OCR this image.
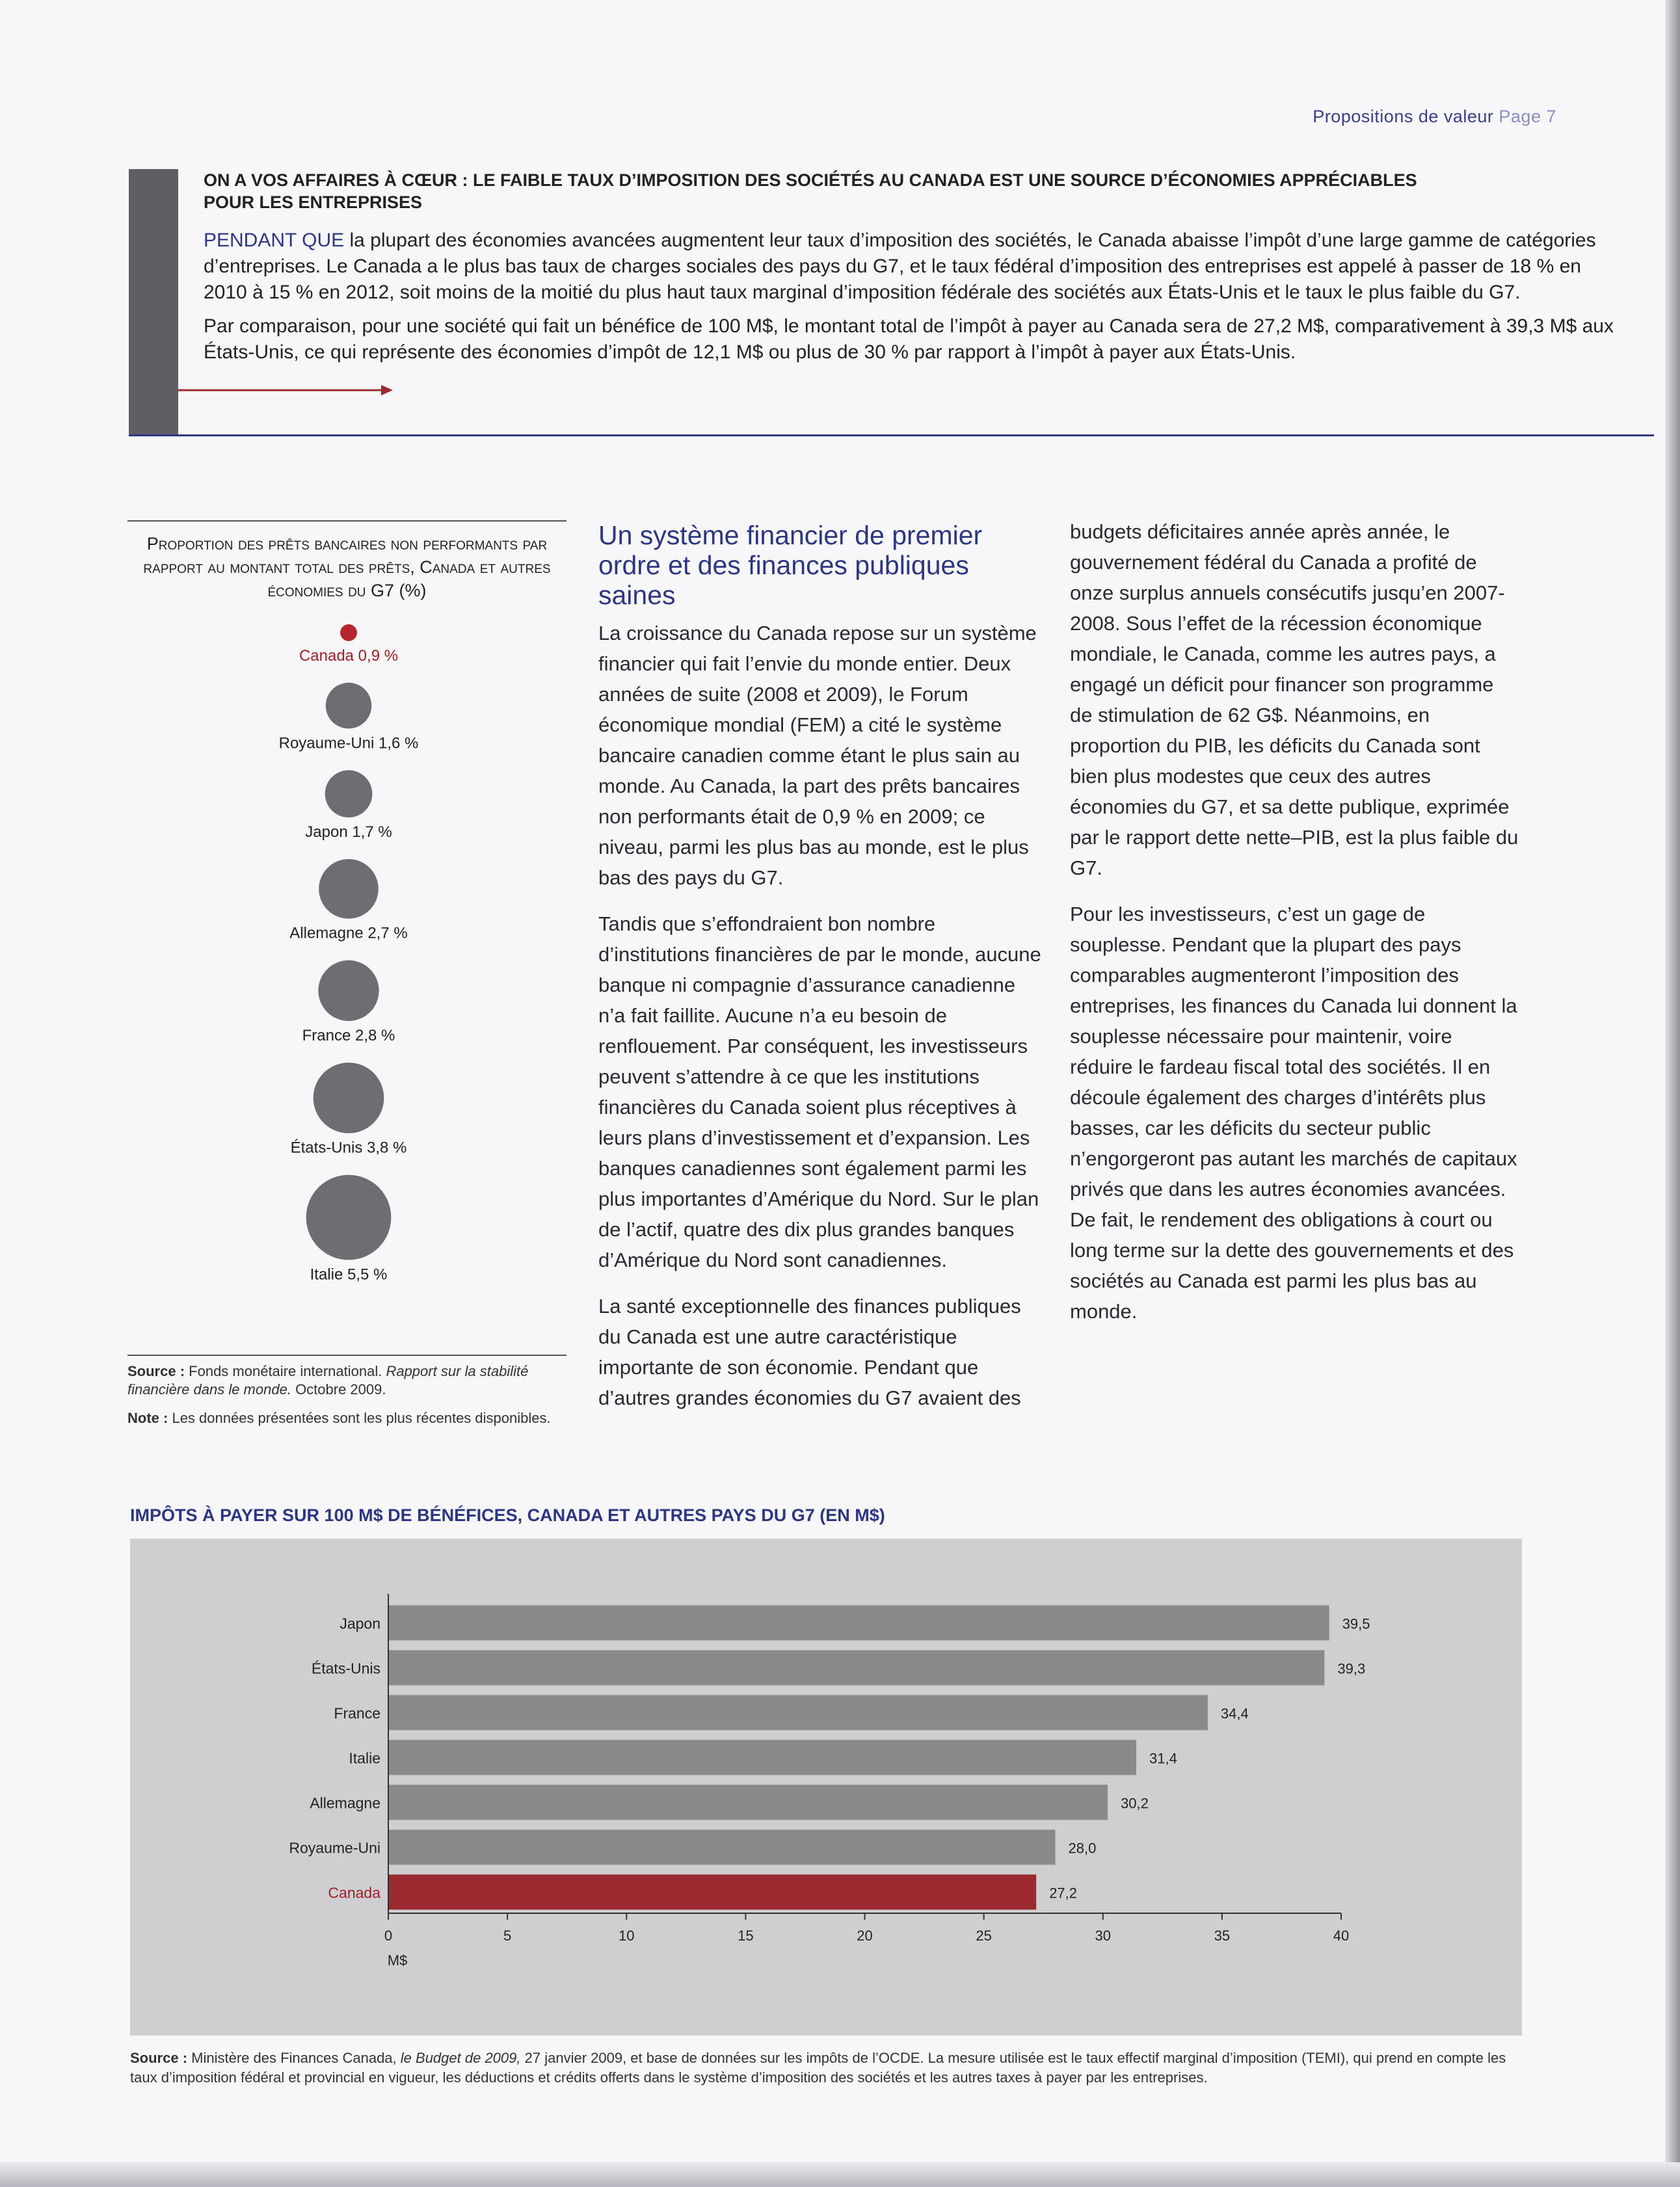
Propositions de valeur Page 7
ON A VOS AFFAIRES À CŒUR : LE FAIBLE TAUX D’IMPOSITION DES SOCIÉTÉS AU CANADA EST UNE SOURCE D’ÉCONOMIES APPRÉCIABLES POUR LES ENTREPRISES

PENDANT QUE la plupart des économies avancées augmentent leur taux d’imposition des sociétés, le Canada abaisse l’impôt d’une large gamme de catégories d’entreprises. Le Canada a le plus bas taux de charges sociales des pays du G7, et le taux fédéral d’imposition des entreprises est appelé à passer de 18 % en 2010 à 15 % en 2012, soit moins de la moitié du plus haut taux marginal d’imposition fédérale des sociétés aux États-Unis et le taux le plus faible du G7.

Par comparaison, pour une société qui fait un bénéfice de 100 M$, le montant total de l’impôt à payer au Canada sera de 27,2 M$, comparativement à 39,3 M$ aux États-Unis, ce qui représente des économies d’impôt de 12,1 M$ ou plus de 30 % par rapport à l’impôt à payer aux États-Unis.

Proportion des prêts bancaires non performants par rapport au montant total des prêts, Canada et autres économies du G7 (%)
Canada 0,9 %
Royaume-Uni 1,6 %
Japon 1,7 %
Allemagne 2,7 %
France 2,8 %
États-Unis 3,8 %
Italie 5,5 %
Source : Fonds monétaire international. Rapport sur la stabilité financière dans le monde. Octobre 2009.
Note : Les données présentées sont les plus récentes disponibles.
Un système financier de premier ordre et des finances publiques saines

La croissance du Canada repose sur un système financier qui fait l’envie du monde entier. Deux années de suite (2008 et 2009), le Forum économique mondial (FEM) a cité le système bancaire canadien comme étant le plus sain au monde. Au Canada, la part des prêts bancaires non performants était de 0,9 % en 2009; ce niveau, parmi les plus bas au monde, est le plus bas des pays du G7.

Tandis que s’effondraient bon nombre d’institutions financières de par le monde, aucune banque ni compagnie d’assurance canadienne n’a fait faillite. Aucune n’a eu besoin de renflouement. Par conséquent, les investisseurs peuvent s’attendre à ce que les institutions financières du Canada soient plus réceptives à leurs plans d’investissement et d’expansion. Les banques canadiennes sont également parmi les plus importantes d’Amérique du Nord. Sur le plan de l’actif, quatre des dix plus grandes banques d’Amérique du Nord sont canadiennes.

La santé exceptionnelle des finances publiques du Canada est une autre caractéristique importante de son économie. Pendant que d’autres grandes économies du G7 avaient des

budgets déficitaires année après année, le gouvernement fédéral du Canada a profité de onze surplus annuels consécutifs jusqu’en 2007-2008. Sous l’effet de la récession économique mondiale, le Canada, comme les autres pays, a engagé un déficit pour financer son programme de stimulation de 62 G$. Néanmoins, en proportion du PIB, les déficits du Canada sont bien plus modestes que ceux des autres économies du G7, et sa dette publique, exprimée par le rapport dette nette–PIB, est la plus faible du G7.

Pour les investisseurs, c’est un gage de souplesse. Pendant que la plupart des pays comparables augmenteront l’imposition des entreprises, les finances du Canada lui donnent la souplesse nécessaire pour maintenir, voire réduire le fardeau fiscal total des sociétés. Il en découle également des charges d’intérêts plus basses, car les déficits du secteur public n’engorgeront pas autant les marchés de capitaux privés que dans les autres économies avancées. De fait, le rendement des obligations à court ou long terme sur la dette des gouvernements et des sociétés au Canada est parmi les plus bas au monde.

IMPÔTS À PAYER SUR 100 M$ DE BÉNÉFICES, CANADA ET AUTRES PAYS DU G7 (EN M$)
Japon	39,5
États-Unis	39,3
France	34,4
Italie	31,4
Allemagne	30,2
Royaume-Uni	28,0
Canada	27,2
0	5	10	15	20	25	30	35	40
M$
Source : Ministère des Finances Canada, le Budget de 2009, 27 janvier 2009, et base de données sur les impôts de l’OCDE. La mesure utilisée est le taux effectif marginal d’imposition (TEMI), qui prend en compte les taux d’imposition fédéral et provincial en vigueur, les déductions et crédits offerts dans le système d’imposition des sociétés et les autres taxes à payer par les entreprises.
